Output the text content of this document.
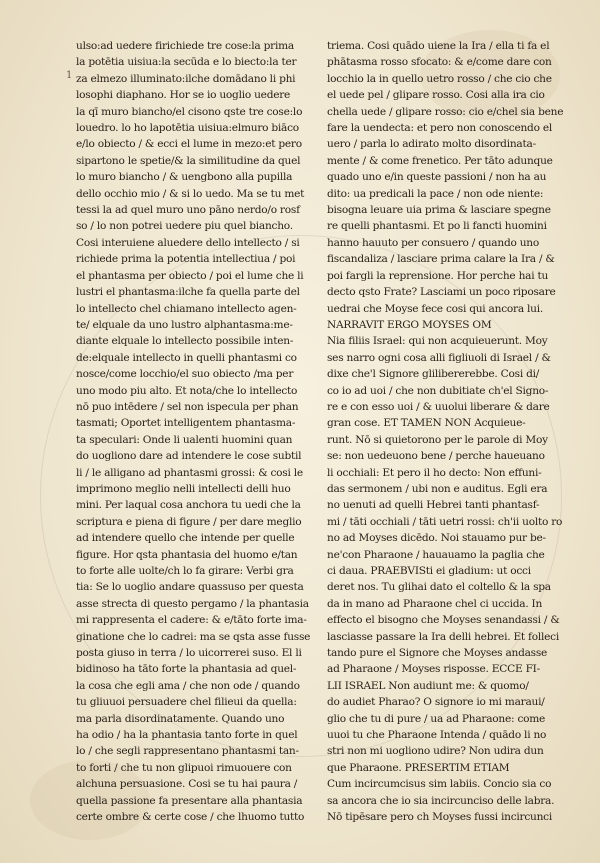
1
ulso:ad uedere firichiede tre cose:la prima
la potētia uisiua:la secūda e lo biecto:la ter
za elmezo illuminato:ilche domādano li phi
losophi diaphano. Hor se io uoglio uedere
la qī muro biancho/el cisono qste tre cose:lo
louedro. lo ho lapotētia uisiua:elmuro biāco
e/lo obiecto / & ecci el lume in mezo:et pero
sipartono le spetie/& la similitudine da quel
lo muro biancho / & uengbono alla pupilla
dello occhio mio / & si lo uedo. Ma se tu met
tessi la ad quel muro uno pāno nerdo/o rosf
so / lo non potrei uedere piu quel biancho.
Cosi interuiene aluedere dello intellecto / si
richiede prima la potentia intellectiua / poi
el phantasma per obiecto / poi el lume che li
lustri el phantasma:ilche fa quella parte del
lo intellecto chel chiamano intellecto agen-
te/ elquale da uno lustro alphantasma:me-
diante elquale lo intellecto possibile inten-
de:elquale intellecto in quelli phantasmi co
nosce/come locchio/el suo obiecto /ma per
uno modo piu alto. Et nota/che lo intellecto
nō puo intēdere / sel non ispecula per phan
tasmati; Oportet intelligentem phantasma-
ta speculari: Onde li ualenti huomini quan
do uogliono dare ad intendere le cose subtil
li / le alligano ad phantasmi grossi: & cosi le
imprimono meglio nelli intellecti delli huo
mini. Per laqual cosa anchora tu uedi che la
scriptura e piena di figure / per dare meglio
ad intendere quello che intende per quelle
figure. Hor qsta phantasia del huomo e/tan
to forte alle uolte/ch lo fa girare: Verbi gra
tia: Se lo uoglio andare quassuso per questa
asse strecta di questo pergamo / la phantasia
mi rappresenta el cadere: & e/tāto forte ima-
ginatione che lo cadrei: ma se qsta asse fusse
posta giuso in terra / lo uicorrerei suso. El li
bidinoso ha tāto forte la phantasia ad quel-
la cosa che egli ama / che non ode / quando
tu gliuuoi persuadere chel filieui da quella:
ma parla disordinatamente. Quando uno
ha odio / ha la phantasia tanto forte in quel
lo / che segli rappresentano phantasmi tan-
to forti / che tu non glipuoi rimuouere con
alchuna persuasione. Cosi se tu hai paura /
quella passione fa presentare alla phantasia
certe ombre & certe cose / che lhuomo tutto
triema. Cosi quādo uiene la Ira / ella ti fa el
phātasma rosso sfocato: & e/come dare con
locchio la in quello uetro rosso / che cio che
el uede pel / glipare rosso. Cosi alla ira cio
chella uede / glipare rosso: cio e/chel sia bene
fare la uendecta: et pero non conoscendo el
uero / parla lo adirato molto disordinata-
mente / & come frenetico. Per tāto adunque
quado uno e/in queste passioni / non ha au
dito: ua predicali la pace / non ode niente:
bisogna leuare uia prima & lasciare spegne
re quelli phantasmi. Et po li fancti huomini
hanno hauuto per consuero / quando uno
fiscandaliza / lasciare prima calare la Ira / &
poi fargli la reprensione. Hor perche hai tu
decto qsto Frate? Lasciami un poco riposare
uedrai che Moyse fece cosi qui ancora lui.
NARRAVIT ERGO MOYSES OM
Nia filiis Israel: qui non acquieuerunt. Moy
ses narro ogni cosa alli figliuoli di Israel / &
dixe che'l Signore glilibererebbe. Cosi di/
co io ad uoi / che non dubitiate ch'el Signo-
re e con esso uoi / & uuolui liberare & dare
gran cose. ET TAMEN NON Acquieue-
runt. Nō si quietorono per le parole di Moy
se: non uedeuono bene / perche haueuano
li occhiali: Et pero il ho decto: Non effuni-
das sermonem / ubi non e auditus. Egli era
no uenuti ad quelli Hebrei tanti phantasf-
mi / tāti occhiali / tāti uetri rossi: ch'ii uolto ro
no ad Moyses dicēdo. Noi stauamo pur be-
ne'con Pharaone / hauauamo la paglia che
ci daua. PRAEBVISti ei gladium: ut occi
deret nos. Tu glihai dato el coltello & la spa
da in mano ad Pharaone chel ci uccida. In
effecto el bisogno che Moyses senandassi / &
lasciasse passare la Ira delli hebrei. Et folleci
tando pure el Signore che Moyses andasse
ad Pharaone / Moyses risposse. ECCE FI-
LII ISRAEL Non audiunt me: & quomo/
do audiet Pharao? O signore io mi maraui/
glio che tu di pure / ua ad Pharaone: come
uuoi tu che Pharaone Intenda / quādo li no
stri non mi uogliono udire? Non udira dun
que Pharaone. PRESERTIM ETIAM
Cum incircumcisus sim labiis. Concio sia co
sa ancora che io sia incircuncisо delle labra.
Nō tipēsare pero ch Moyses fussi incircunci
